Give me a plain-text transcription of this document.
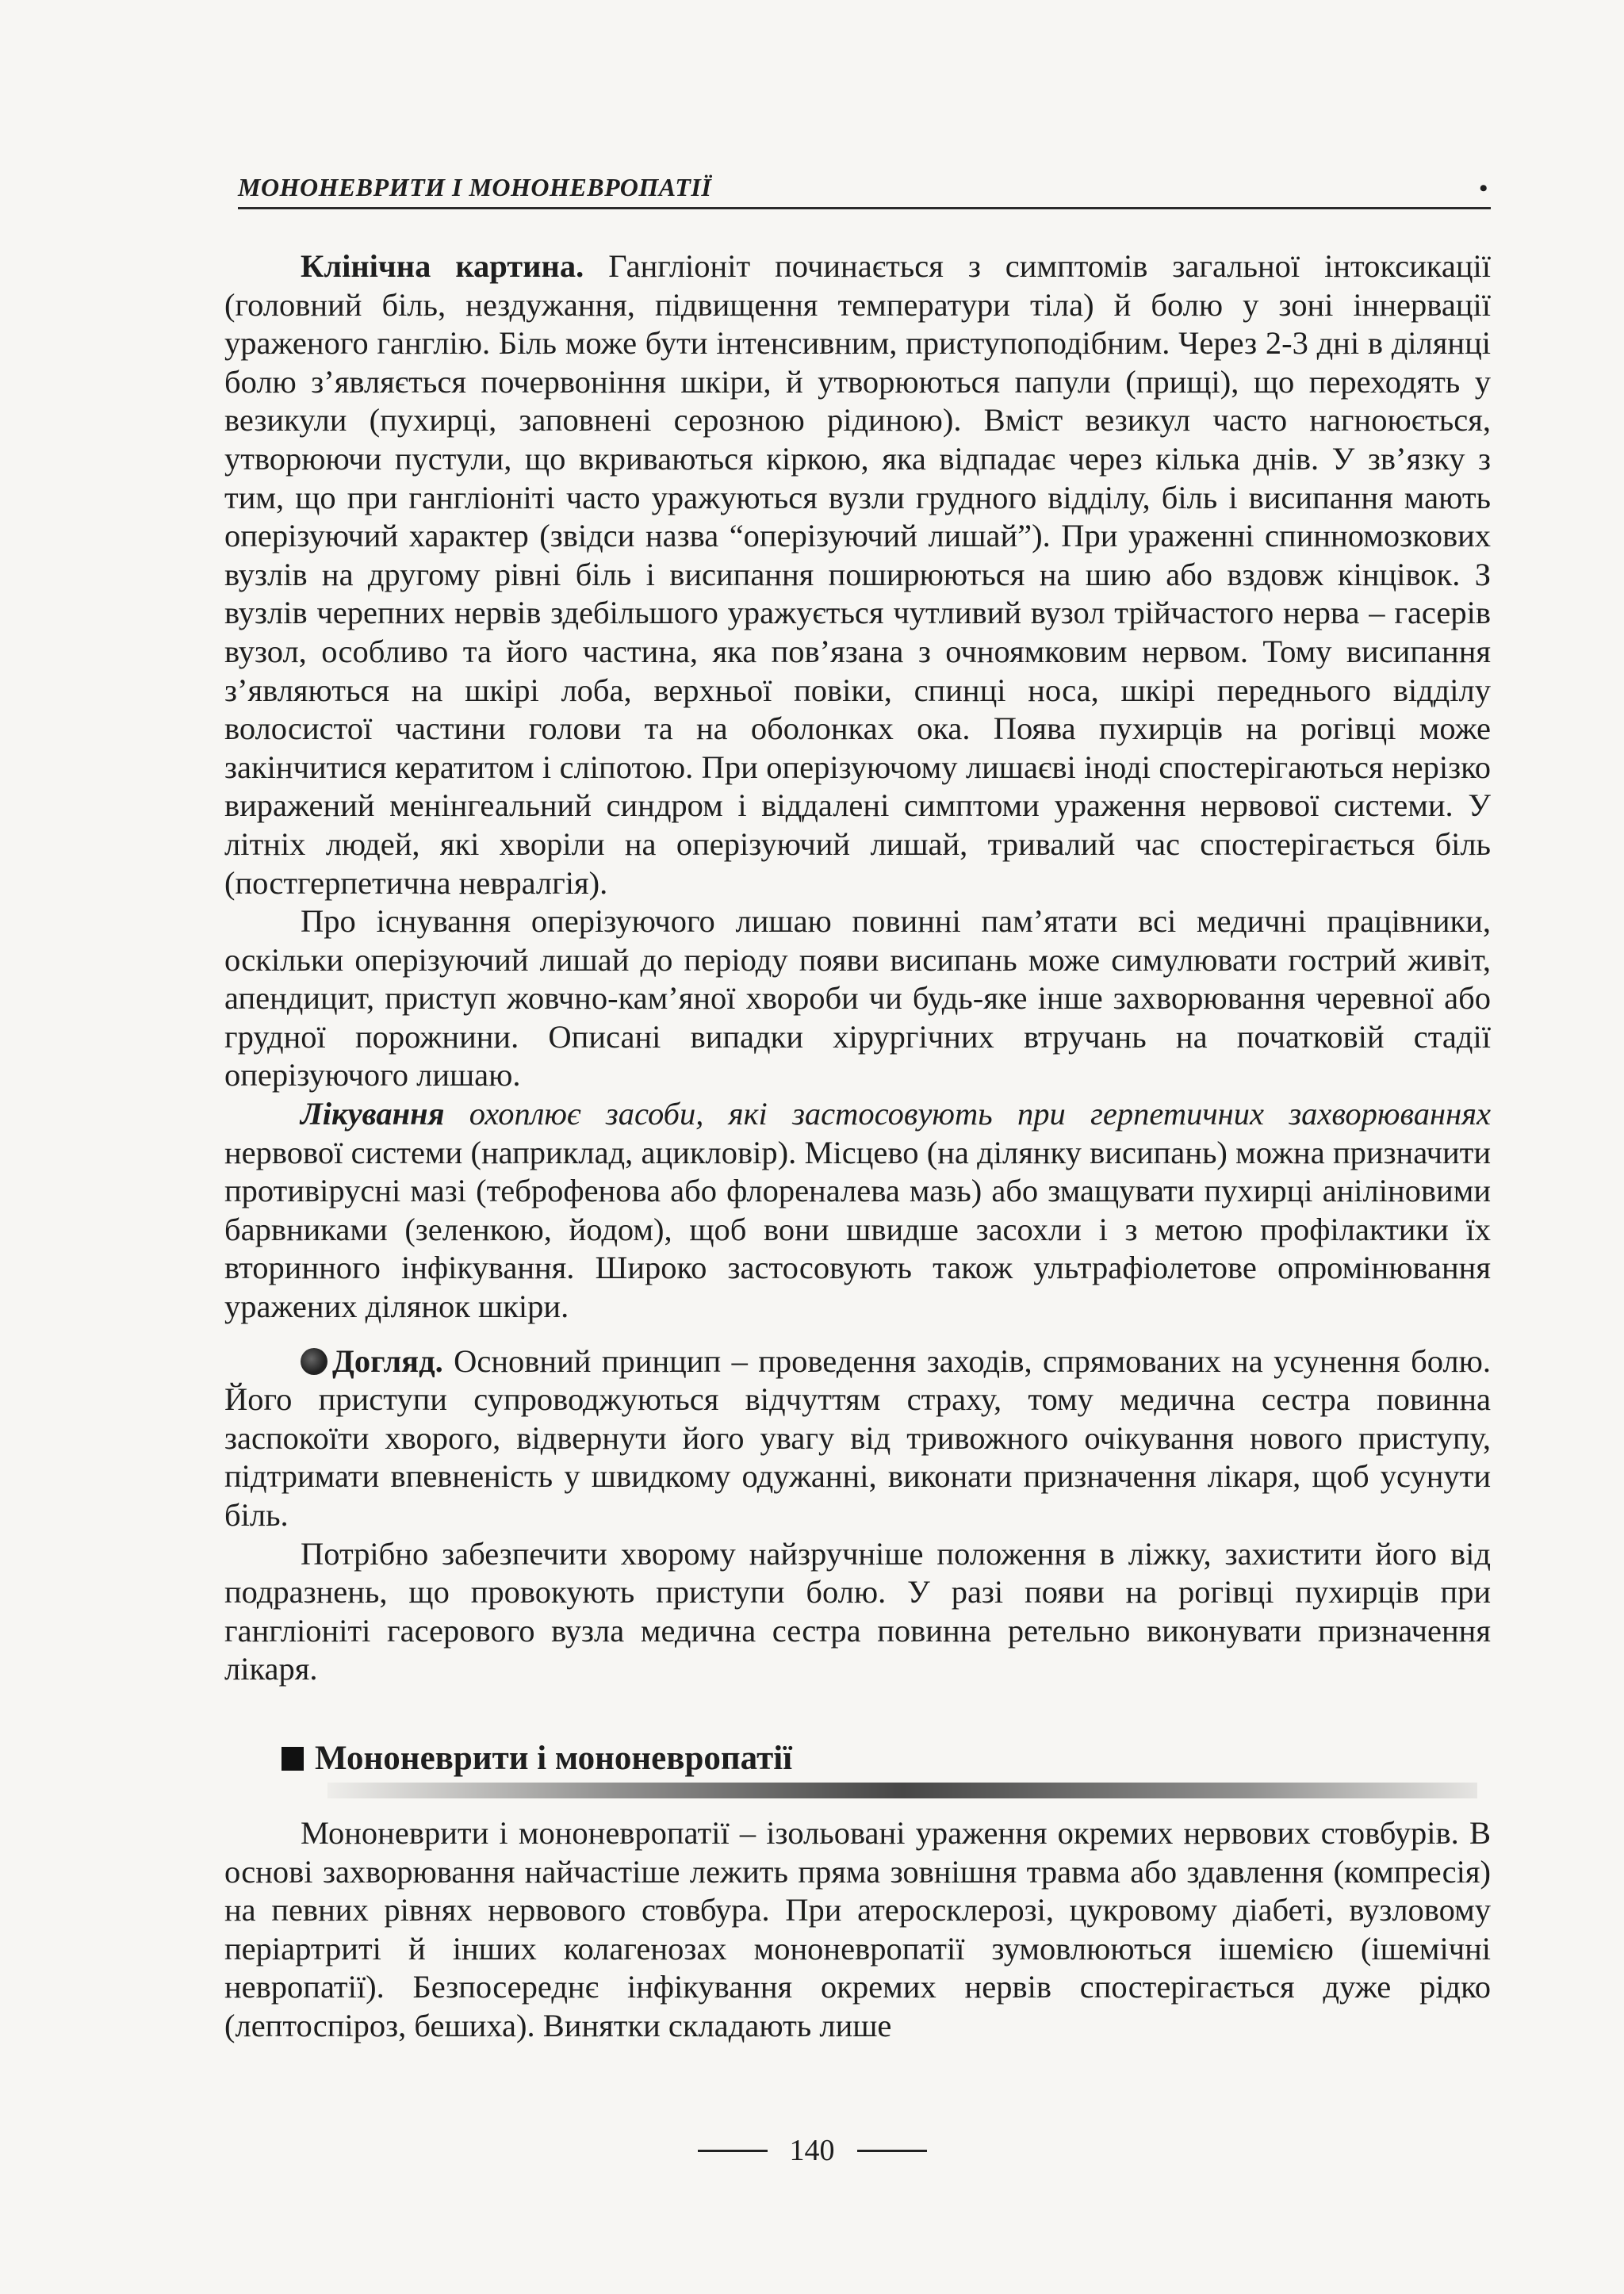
МОНОНЕВРИТИ І МОНОНЕВРОПАТІЇ	•

Клінічна картина. Гангліоніт починається з симптомів загальної інтоксикації (головний біль, нездужання, підвищення температури тіла) й болю у зоні іннервації ураженого ганглію. Біль може бути інтенсивним, приступоподібним. Через 2-3 дні в ділянці болю з’являється почервоніння шкіри, й утворюються папули (прищі), що переходять у везикули (пухирці, заповнені серозною рідиною). Вміст везикул часто нагноюється, утворюючи пустули, що вкриваються кіркою, яка відпадає через кілька днів. У зв’язку з тим, що при гангліоніті часто уражуються вузли грудного відділу, біль і висипання мають оперізуючий характер (звідси назва “оперізуючий лишай”). При ураженні спинномозкових вузлів на другому рівні біль і висипання поширюються на шию або вздовж кінцівок. З вузлів черепних нервів здебільшого уражується чутливий вузол трійчастого нерва – гасерів вузол, особливо та його частина, яка пов’язана з очноямковим нервом. Тому висипання з’являються на шкірі лоба, верхньої повіки, спинці носа, шкірі переднього відділу волосистої частини голови та на оболонках ока. Поява пухирців на рогівці може закінчитися кератитом і сліпотою. При оперізуючому лишаєві іноді спостерігаються нерізко виражений менінгеальний синдром і віддалені симптоми ураження нервової системи. У літніх людей, які хворіли на оперізуючий лишай, тривалий час спостерігається біль (постгерпетична невралгія).

Про існування оперізуючого лишаю повинні пам’ятати всі медичні працівники, оскільки оперізуючий лишай до періоду появи висипань може симулювати гострий живіт, апендицит, приступ жовчно-кам’яної хвороби чи будь-яке інше захворювання черевної або грудної порожнини. Описані випадки хірургічних втручань на початковій стадії оперізуючого лишаю.

Лікування охоплює засоби, які застосовують при герпетичних захворюваннях нервової системи (наприклад, ацикловір). Місцево (на ділянку висипань) можна призначити противірусні мазі (теброфенова або флореналева мазь) або змащувати пухирці аніліновими барвниками (зеленкою, йодом), щоб вони швидше засохли і з метою профілактики їх вторинного інфікування. Широко застосовують також ультрафіолетове опромінювання уражених ділянок шкіри.

Догляд. Основний принцип – проведення заходів, спрямованих на усунення болю. Його приступи супроводжуються відчуттям страху, тому медична сестра повинна заспокоїти хворого, відвернути його увагу від тривожного очікування нового приступу, підтримати впевненість у швидкому одужанні, виконати призначення лікаря, щоб усунути біль.

Потрібно забезпечити хворому найзручніше положення в ліжку, захистити його від подразнень, що провокують приступи болю. У разі появи на рогівці пухирців при гангліоніті гасерового вузла медична сестра повинна ретельно виконувати призначення лікаря.

Мононеврити і мононевропатії

Мононеврити і мононевропатії – ізольовані ураження окремих нервових стовбурів. В основі захворювання найчастіше лежить пряма зовнішня травма або здавлення (компресія) на певних рівнях нервового стовбура. При атеросклерозі, цукровому діабеті, вузловому періартриті й інших колагенозах мононевропатії зумовлюються ішемією (ішемічні невропатії). Безпосереднє інфікування окремих нервів спостерігається дуже рідко (лептоспіроз, бешиха). Винятки складають лише

140
